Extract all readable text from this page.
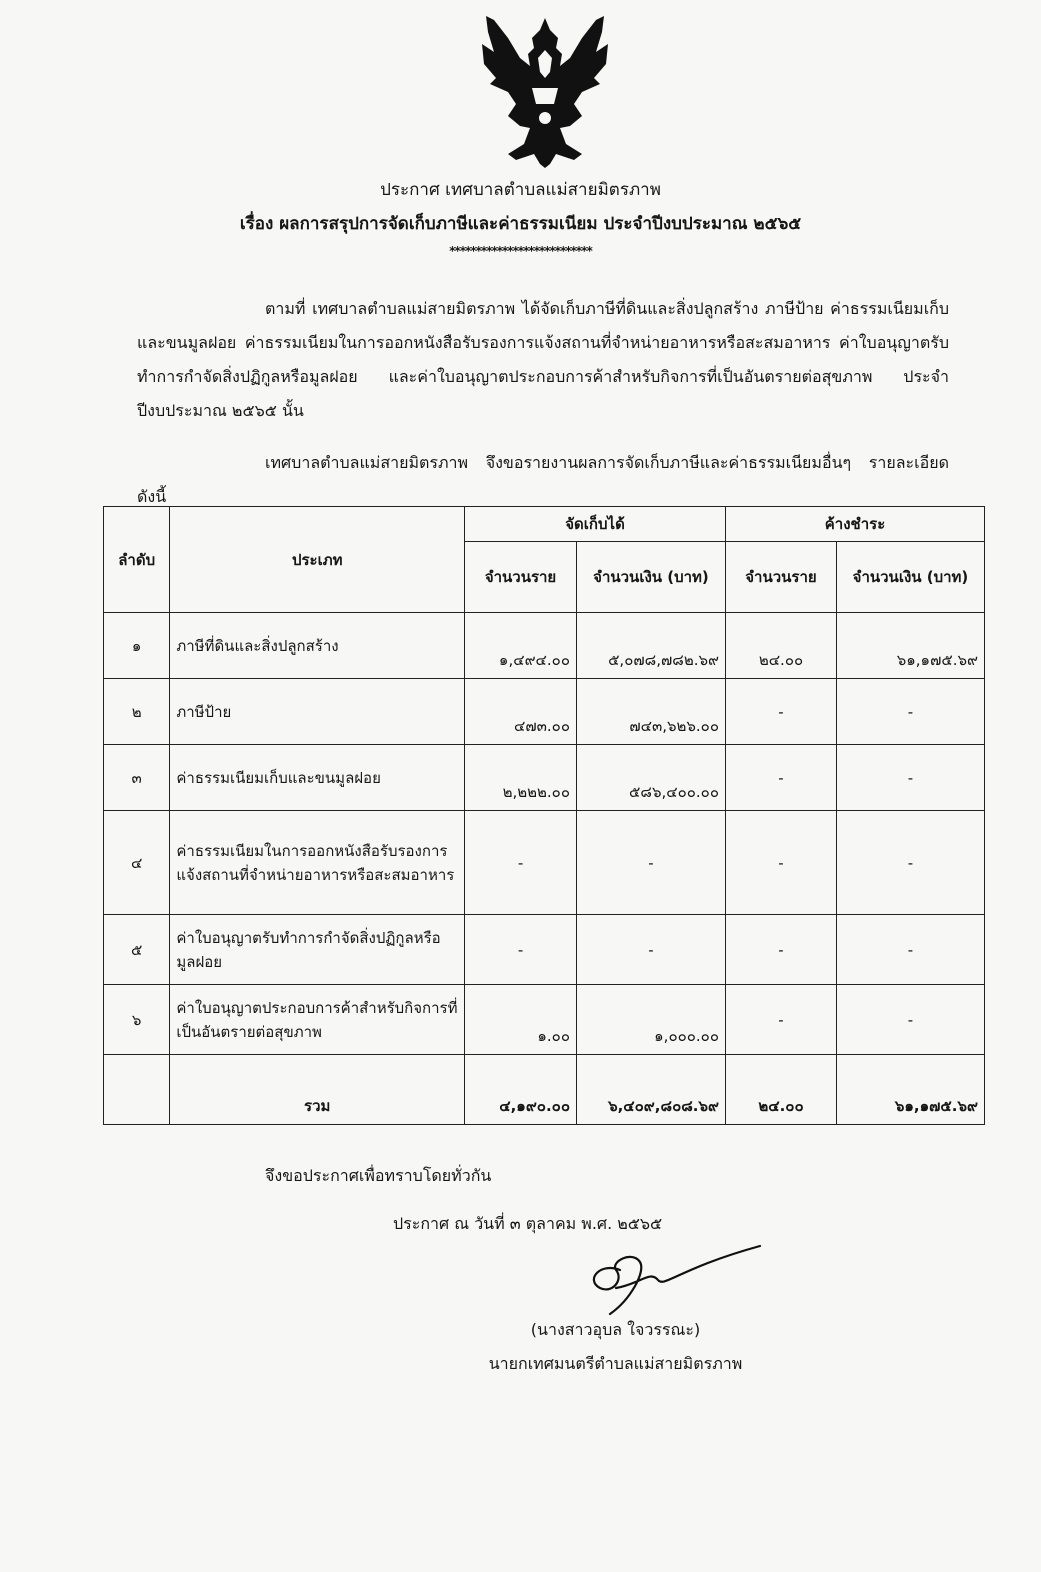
ประกาศ เทศบาลตำบลแม่สายมิตรภาพ
เรื่อง ผลการสรุปการจัดเก็บภาษีและค่าธรรมเนียม ประจำปีงบประมาณ ๒๕๖๕
***************************
ตามที่ เทศบาลตำบลแม่สายมิตรภาพ ได้จัดเก็บภาษีที่ดินและสิ่งปลูกสร้าง ภาษีป้าย ค่าธรรมเนียมเก็บและขนมูลฝอย ค่าธรรมเนียมในการออกหนังสือรับรองการแจ้งสถานที่จำหน่ายอาหารหรือสะสมอาหาร ค่าใบอนุญาตรับทำการกำจัดสิ่งปฏิกูลหรือมูลฝอย และค่าใบอนุญาตประกอบการค้าสำหรับกิจการที่เป็นอันตรายต่อสุขภาพ ประจำปีงบประมาณ ๒๕๖๕ นั้น
เทศบาลตำบลแม่สายมิตรภาพ จึงขอรายงานผลการจัดเก็บภาษีและค่าธรรมเนียมอื่นๆ รายละเอียด ดังนี้
ลำดับ	ประเภท	จัดเก็บได้		ค้างชำระ	
		จำนวนราย	จำนวนเงิน (บาท)	จำนวนราย	จำนวนเงิน (บาท)
๑	ภาษีที่ดินและสิ่งปลูกสร้าง	๑,๔๙๔.๐๐	๕,๐๗๘,๗๘๒.๖๙	๒๔.๐๐	๖๑,๑๗๕.๖๙
๒	ภาษีป้าย	๔๗๓.๐๐	๗๔๓,๖๒๖.๐๐	-	-
๓	ค่าธรรมเนียมเก็บและขนมูลฝอย	๒,๒๒๒.๐๐	๕๘๖,๔๐๐.๐๐	-	-
๔	ค่าธรรมเนียมในการออกหนังสือรับรองการแจ้งสถานที่จำหน่ายอาหารหรือสะสมอาหาร	-	-	-	-
๕	ค่าใบอนุญาตรับทำการกำจัดสิ่งปฏิกูลหรือมูลฝอย	-	-	-	-
๖	ค่าใบอนุญาตประกอบการค้าสำหรับกิจการที่เป็นอันตรายต่อสุขภาพ	๑.๐๐	๑,๐๐๐.๐๐	-	-
	รวม	๔,๑๙๐.๐๐	๖,๔๐๙,๘๐๘.๖๙	๒๔.๐๐	๖๑,๑๗๕.๖๙
จึงขอประกาศเพื่อทราบโดยทั่วกัน
ประกาศ ณ วันที่ ๓ ตุลาคม พ.ศ. ๒๕๖๕
(นางสาวอุบล ใจวรรณะ)
นายกเทศมนตรีตำบลแม่สายมิตรภาพ
